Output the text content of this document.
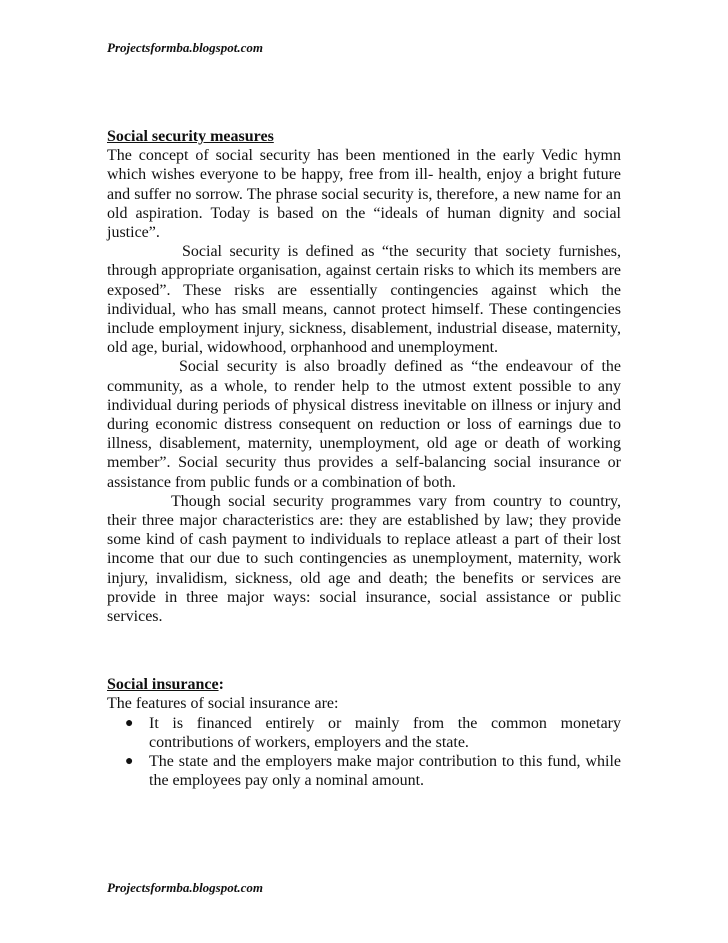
Projectsformba.blogspot.com

Social security measures

The concept of social security has been mentioned in the early Vedic hymn which wishes everyone to be happy, free from ill- health, enjoy a bright future and suffer no sorrow. The phrase social security is, therefore, a new name for an old aspiration. Today is based on the “ideals of human dignity and social justice”.

Social security is defined as “the security that society furnishes, through appropriate organisation, against certain risks to which its members are exposed”. These risks are essentially contingencies against which the individual, who has small means, cannot protect himself. These contingencies include employment injury, sickness, disablement, industrial disease, maternity, old age, burial, widowhood, orphanhood and unemployment.

Social security is also broadly defined as “the endeavour of the community, as a whole, to render help to the utmost extent possible to any individual during periods of physical distress inevitable on illness or injury and during economic distress consequent on reduction or loss of earnings due to illness, disablement, maternity, unemployment, old age or death of working member”. Social security thus provides a self-balancing social insurance or assistance from public funds or a combination of both.

Though social security programmes vary from country to country, their three major characteristics are: they are established by law; they provide some kind of cash payment to individuals to replace atleast a part of their lost income that our due to such contingencies as unemployment, maternity, work injury, invalidism, sickness, old age and death; the benefits or services are provide in three major ways: social insurance, social assistance or public services.

Social insurance:

The features of social insurance are:

● It is financed entirely or mainly from the common monetary contributions of workers, employers and the state.
● The state and the employers make major contribution to this fund, while the employees pay only a nominal amount.
Projectsformba.blogspot.com
